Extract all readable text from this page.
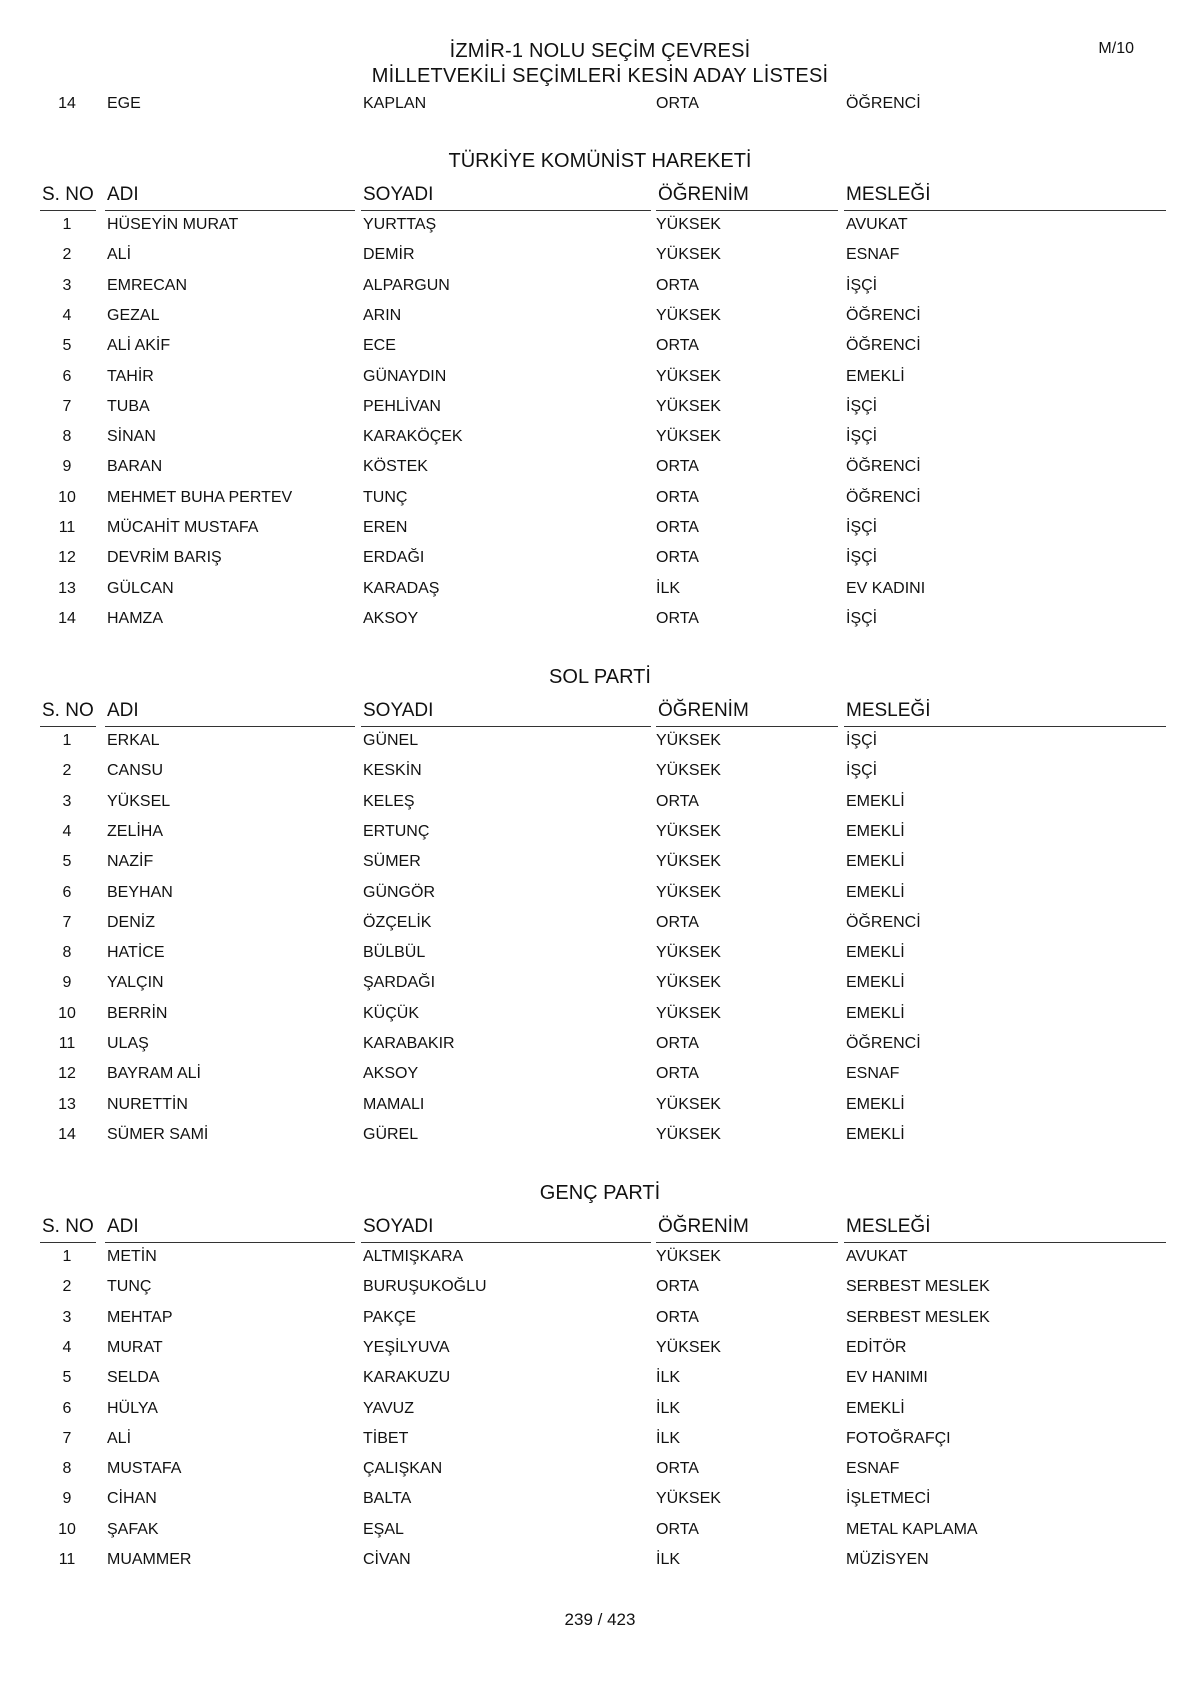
İZMİR-1 NOLU SEÇİM ÇEVRESİ
MİLLETVEKİLİ SEÇİMLERİ KESİN ADAY LİSTESİ
M/10
14	EGE	KAPLAN	ORTA	ÖĞRENCİ
TÜRKİYE KOMÜNİST HAREKETİ
S. NO ADI	SOYADI	ÖĞRENİM	MESLEĞİ
1	HÜSEYİN MURAT	YURTTAŞ	YÜKSEK	AVUKAT
2	ALİ	DEMİR	YÜKSEK	ESNAF
3	EMRECAN	ALPARGUN	ORTA	İŞÇİ
4	GEZAL	ARIN	YÜKSEK	ÖĞRENCİ
5	ALİ AKİF	ECE	ORTA	ÖĞRENCİ
6	TAHİR	GÜNAYDIN	YÜKSEK	EMEKLİ
7	TUBA	PEHLİVAN	YÜKSEK	İŞÇİ
8	SİNAN	KARAKÖÇEK	YÜKSEK	İŞÇİ
9	BARAN	KÖSTEK	ORTA	ÖĞRENCİ
10	MEHMET BUHA PERTEV	TUNÇ	ORTA	ÖĞRENCİ
11	MÜCAHİT MUSTAFA	EREN	ORTA	İŞÇİ
12	DEVRİM BARIŞ	ERDAĞI	ORTA	İŞÇİ
13	GÜLCAN	KARADAŞ	İLK	EV KADINI
14	HAMZA	AKSOY	ORTA	İŞÇİ
SOL PARTİ
S. NO ADI	SOYADI	ÖĞRENİM	MESLEĞİ
1	ERKAL	GÜNEL	YÜKSEK	İŞÇİ
2	CANSU	KESKİN	YÜKSEK	İŞÇİ
3	YÜKSEL	KELEŞ	ORTA	EMEKLİ
4	ZELİHA	ERTUNÇ	YÜKSEK	EMEKLİ
5	NAZİF	SÜMER	YÜKSEK	EMEKLİ
6	BEYHAN	GÜNGÖR	YÜKSEK	EMEKLİ
7	DENİZ	ÖZÇELİK	ORTA	ÖĞRENCİ
8	HATİCE	BÜLBÜL	YÜKSEK	EMEKLİ
9	YALÇIN	ŞARDAĞI	YÜKSEK	EMEKLİ
10	BERRİN	KÜÇÜK	YÜKSEK	EMEKLİ
11	ULAŞ	KARABAKIR	ORTA	ÖĞRENCİ
12	BAYRAM ALİ	AKSOY	ORTA	ESNAF
13	NURETTİN	MAMALI	YÜKSEK	EMEKLİ
14	SÜMER SAMİ	GÜREL	YÜKSEK	EMEKLİ
GENÇ PARTİ
S. NO ADI	SOYADI	ÖĞRENİM	MESLEĞİ
1	METİN	ALTMIŞKARA	YÜKSEK	AVUKAT
2	TUNÇ	BURUŞUKOĞLU	ORTA	SERBEST MESLEK
3	MEHTAP	PAKÇE	ORTA	SERBEST MESLEK
4	MURAT	YEŞİLYUVA	YÜKSEK	EDİTÖR
5	SELDA	KARAKUZU	İLK	EV HANIMI
6	HÜLYA	YAVUZ	İLK	EMEKLİ
7	ALİ	TİBET	İLK	FOTOĞRAFÇI
8	MUSTAFA	ÇALIŞKAN	ORTA	ESNAF
9	CİHAN	BALTA	YÜKSEK	İŞLETMECİ
10	ŞAFAK	EŞAL	ORTA	METAL KAPLAMA
11	MUAMMER	CİVAN	İLK	MÜZİSYEN
239 / 423
